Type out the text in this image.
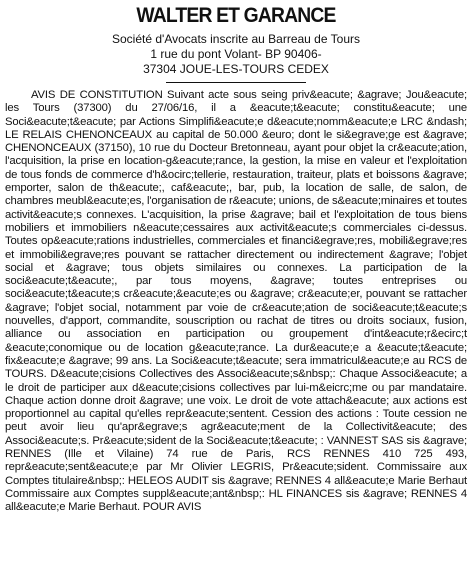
WALTER ET GARANCE

Société d'Avocats inscrite au Barreau de Tours

1 rue du pont Volant- BP 90406-

37304 JOUE-LES-TOURS CEDEX

AVIS DE CONSTITUTION Suivant acte sous seing priv&eacute; &agrave; Jou&eacute; les Tours (37300) du 27/06/16, il a &eacute;t&eacute; constitu&eacute; une Soci&eacute;t&eacute; par Actions Simplifi&eacute;e d&eacute;nomm&eacute;e LRC &ndash; LE RELAIS CHENONCEAUX au capital de 50.000 &euro; dont le si&egrave;ge est &agrave; CHENONCEAUX (37150), 10 rue du Docteur Bretonneau, ayant pour objet la cr&eacute;ation, l'acquisition, la prise en location-g&eacute;rance, la gestion, la mise en valeur et l'exploitation de tous fonds de commerce d'h&ocirc;tellerie, restauration, traiteur, plats et boissons &agrave; emporter, salon de th&eacute;, caf&eacute;, bar, pub, la location de salle, de salon, de chambres meubl&eacute;es, l'organisation de r&eacute; unions, de s&eacute;minaires et toutes activit&eacute;s connexes. L'acquisition, la prise &agrave; bail et l'exploitation de tous biens mobiliers et immobiliers n&eacute;cessaires aux activit&eacute;s commerciales ci-dessus. Toutes op&eacute;rations industrielles, commerciales et financi&egrave;res, mobili&egrave;res et immobili&egrave;res pouvant se rattacher directement ou indirectement &agrave; l'objet social et &agrave; tous objets similaires ou connexes. La participation de la soci&eacute;t&eacute;, par tous moyens, &agrave; toutes entreprises ou soci&eacute;t&eacute;s cr&eacute;&eacute;es ou &agrave; cr&eacute;er, pouvant se rattacher &agrave; l'objet social, notamment par voie de cr&eacute;ation de soci&eacute;t&eacute;s nouvelles, d'apport, commandite, souscription ou rachat de titres ou droits sociaux, fusion, alliance ou association en participation ou groupement d'int&eacute;r&ecirc;t &eacute;conomique ou de location g&eacute;rance. La dur&eacute;e a &eacute;t&eacute; fix&eacute;e &agrave; 99 ans. La Soci&eacute;t&eacute; sera immatricul&eacute;e au RCS de TOURS. D&eacute;cisions Collectives des Associ&eacute;s&nbsp;: Chaque Associ&eacute; a le droit de participer aux d&eacute;cisions collectives par lui-m&eicrc;me ou par mandataire. Chaque action donne droit &agrave; une voix. Le droit de vote attach&eacute; aux actions est proportionnel au capital qu'elles repr&eacute;sentent. Cession des actions : Toute cession ne peut avoir lieu qu'apr&egrave;s agr&eacute;ment de la Collectivit&eacute; des Associ&eacute;s. Pr&eacute;sident de la Soci&eacute;t&eacute; : VANNEST SAS sis &agrave; RENNES (Ille et Vilaine) 74 rue de Paris, RCS RENNES 410 725 493, repr&eacute;sent&eacute;e par Mr Olivier LEGRIS, Pr&eacute;sident. Commissaire aux Comptes titulaire&nbsp;: HELEOS AUDIT sis &agrave; RENNES 4 all&eacute;e Marie Berhaut Commissaire aux Comptes suppl&eacute;ant&nbsp;: HL FINANCES sis &agrave; RENNES 4 all&eacute;e Marie Berhaut. POUR AVIS
